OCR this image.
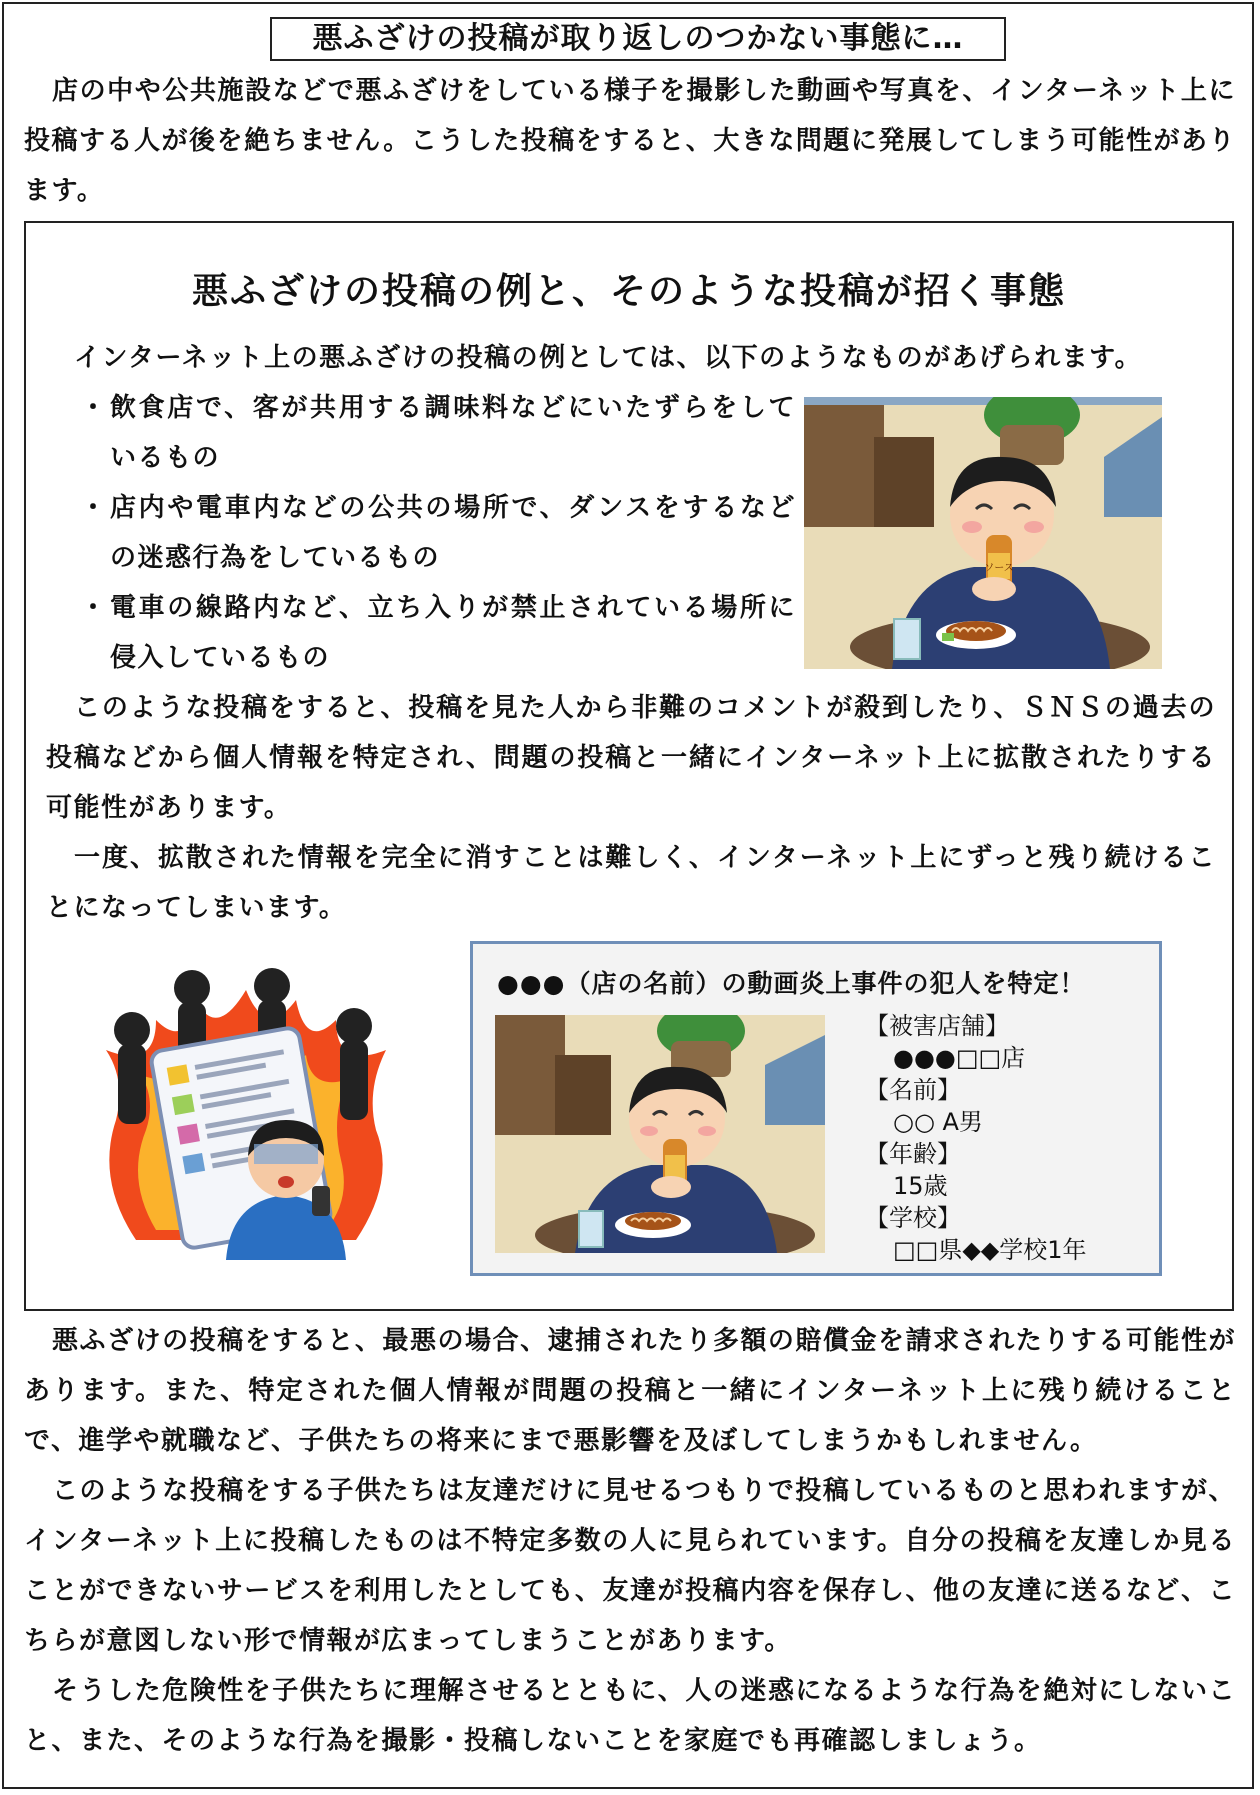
悪ふざけの投稿が取り返しのつかない事態に…

店の中や公共施設などで悪ふざけをしている様子を撮影した動画や写真を、インターネット上に投稿する人が後を絶ちません。こうした投稿をすると、大きな問題に発展してしまう可能性があります。

悪ふざけの投稿の例と、そのような投稿が招く事態

インターネット上の悪ふざけの投稿の例としては、以下のようなものがあげられます。

・ 飲食店で、客が共用する調味料などにいたずらをしているもの
・ 店内や電車内などの公共の場所で、ダンスをするなどの迷惑行為をしているもの
・ 電車の線路内など、立ち入りが禁止されている場所に侵入しているもの

このような投稿をすると、投稿を見た人から非難のコメントが殺到したり、ＳＮＳの過去の投稿などから個人情報を特定され、問題の投稿と一緒にインターネット上に拡散されたりする可能性があります。

一度、拡散された情報を完全に消すことは難しく、インターネット上にずっと残り続けることになってしまいます。

ソース
●●●（店の名前）の動画炎上事件の犯人を特定！
【被害店舗】
●●●□□店
【名前】
○○ A男
【年齢】
15歳
【学校】
□□県◆◆学校1年

悪ふざけの投稿をすると、最悪の場合、逮捕されたり多額の賠償金を請求されたりする可能性があります。また、特定された個人情報が問題の投稿と一緒にインターネット上に残り続けることで、進学や就職など、子供たちの将来にまで悪影響を及ぼしてしまうかもしれません。

このような投稿をする子供たちは友達だけに見せるつもりで投稿しているものと思われますが、インターネット上に投稿したものは不特定多数の人に見られています。自分の投稿を友達しか見ることができないサービスを利用したとしても、友達が投稿内容を保存し、他の友達に送るなど、こちらが意図しない形で情報が広まってしまうことがあります。

そうした危険性を子供たちに理解させるとともに、人の迷惑になるような行為を絶対にしないこと、また、そのような行為を撮影・投稿しないことを家庭でも再確認しましょう。
